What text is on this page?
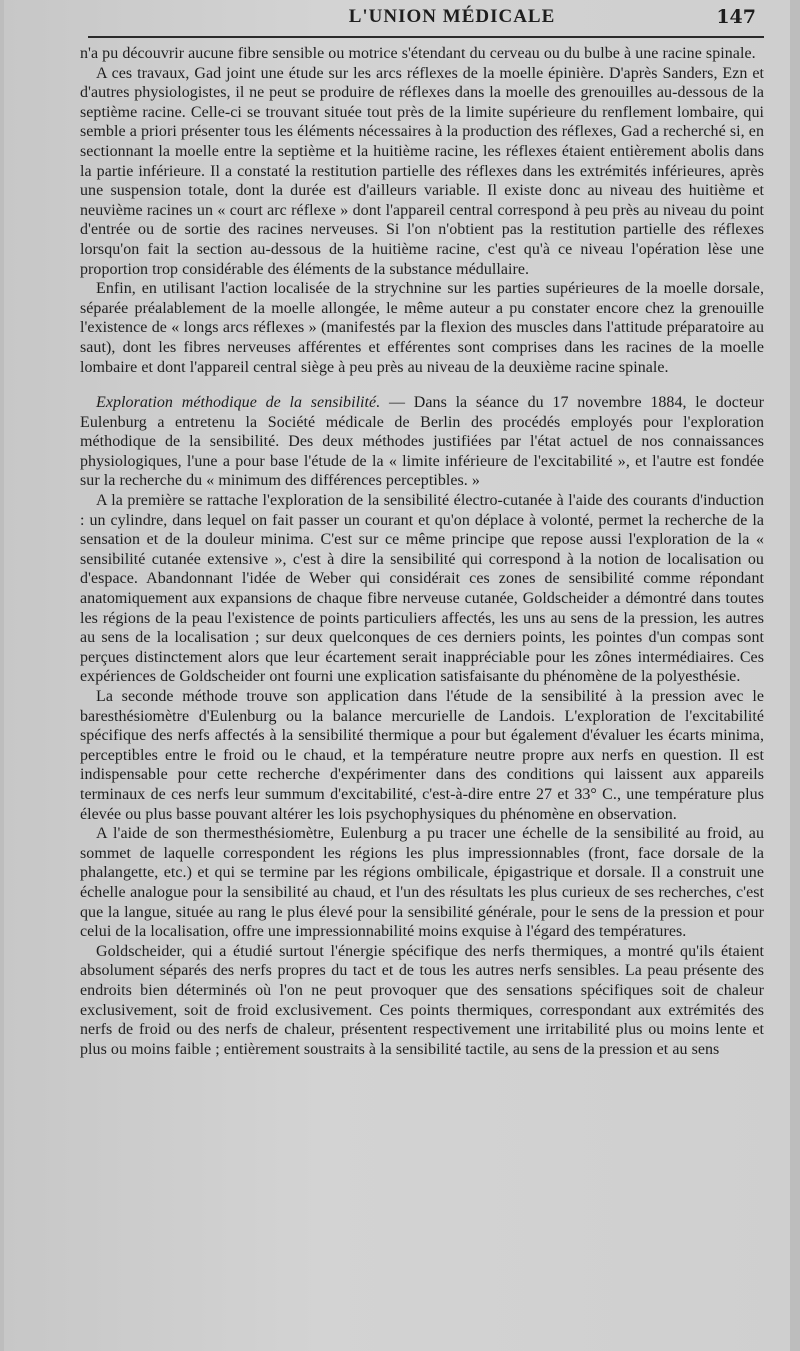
L'UNION MÉDICALE	147

n'a pu découvrir aucune fibre sensible ou motrice s'étendant du cerveau ou du bulbe à une racine spinale.

A ces travaux, Gad joint une étude sur les arcs réflexes de la moelle épinière. D'après Sanders, Ezn et d'autres physiologistes, il ne peut se produire de réflexes dans la moelle des grenouilles au-dessous de la septième racine. Celle-ci se trouvant située tout près de la limite supérieure du renflement lombaire, qui semble a priori présenter tous les éléments nécessaires à la production des réflexes, Gad a recherché si, en sectionnant la moelle entre la septième et la huitième racine, les réflexes étaient entièrement abolis dans la partie inférieure. Il a constaté la restitution partielle des réflexes dans les extrémités inférieures, après une suspension totale, dont la durée est d'ailleurs variable. Il existe donc au niveau des huitième et neuvième racines un « court arc réflexe » dont l'appareil central correspond à peu près au niveau du point d'entrée ou de sortie des racines nerveuses. Si l'on n'obtient pas la restitution partielle des réflexes lorsqu'on fait la section au-dessous de la huitième racine, c'est qu'à ce niveau l'opération lèse une proportion trop considérable des éléments de la substance médullaire.

Enfin, en utilisant l'action localisée de la strychnine sur les parties supérieures de la moelle dorsale, séparée préalablement de la moelle allongée, le même auteur a pu constater encore chez la grenouille l'existence de « longs arcs réflexes » (manifestés par la flexion des muscles dans l'attitude préparatoire au saut), dont les fibres nerveuses afférentes et efférentes sont comprises dans les racines de la moelle lombaire et dont l'appareil central siège à peu près au niveau de la deuxième racine spinale.

Exploration méthodique de la sensibilité. — Dans la séance du 17 novembre 1884, le docteur Eulenburg a entretenu la Société médicale de Berlin des procédés employés pour l'exploration méthodique de la sensibilité. Des deux méthodes justifiées par l'état actuel de nos connaissances physiologiques, l'une a pour base l'étude de la « limite inférieure de l'excitabilité », et l'autre est fondée sur la recherche du « minimum des différences perceptibles. »

A la première se rattache l'exploration de la sensibilité électro-cutanée à l'aide des courants d'induction : un cylindre, dans lequel on fait passer un courant et qu'on déplace à volonté, permet la recherche de la sensation et de la douleur minima. C'est sur ce même principe que repose aussi l'exploration de la « sensibilité cutanée extensive », c'est à dire la sensibilité qui correspond à la notion de localisation ou d'espace. Abandonnant l'idée de Weber qui considérait ces zones de sensibilité comme répondant anatomiquement aux expansions de chaque fibre nerveuse cutanée, Goldscheider a démontré dans toutes les régions de la peau l'existence de points particuliers affectés, les uns au sens de la pression, les autres au sens de la localisation ; sur deux quelconques de ces derniers points, les pointes d'un compas sont perçues distinctement alors que leur écartement serait inappréciable pour les zônes intermédiaires. Ces expériences de Goldscheider ont fourni une explication satisfaisante du phénomène de la polyesthésie.

La seconde méthode trouve son application dans l'étude de la sensibilité à la pression avec le baresthésiomètre d'Eulenburg ou la balance mercurielle de Landois. L'exploration de l'excitabilité spécifique des nerfs affectés à la sensibilité thermique a pour but également d'évaluer les écarts minima, perceptibles entre le froid ou le chaud, et la température neutre propre aux nerfs en question. Il est indispensable pour cette recherche d'expérimenter dans des conditions qui laissent aux appareils terminaux de ces nerfs leur summum d'excitabilité, c'est-à-dire entre 27 et 33° C., une température plus élevée ou plus basse pouvant altérer les lois psychophysiques du phénomène en observation.

A l'aide de son thermesthésiomètre, Eulenburg a pu tracer une échelle de la sensibilité au froid, au sommet de laquelle correspondent les régions les plus impressionnables (front, face dorsale de la phalangette, etc.) et qui se termine par les régions ombilicale, épigastrique et dorsale. Il a construit une échelle analogue pour la sensibilité au chaud, et l'un des résultats les plus curieux de ses recherches, c'est que la langue, située au rang le plus élevé pour la sensibilité générale, pour le sens de la pression et pour celui de la localisation, offre une impressionnabilité moins exquise à l'égard des températures.

Goldscheider, qui a étudié surtout l'énergie spécifique des nerfs thermiques, a montré qu'ils étaient absolument séparés des nerfs propres du tact et de tous les autres nerfs sensibles. La peau présente des endroits bien déterminés où l'on ne peut provoquer que des sensations spécifiques soit de chaleur exclusivement, soit de froid exclusivement. Ces points thermiques, correspondant aux extrémités des nerfs de froid ou des nerfs de chaleur, présentent respectivement une irritabilité plus ou moins lente et plus ou moins faible ; entièrement soustraits à la sensibilité tactile, au sens de la pression et au sens
